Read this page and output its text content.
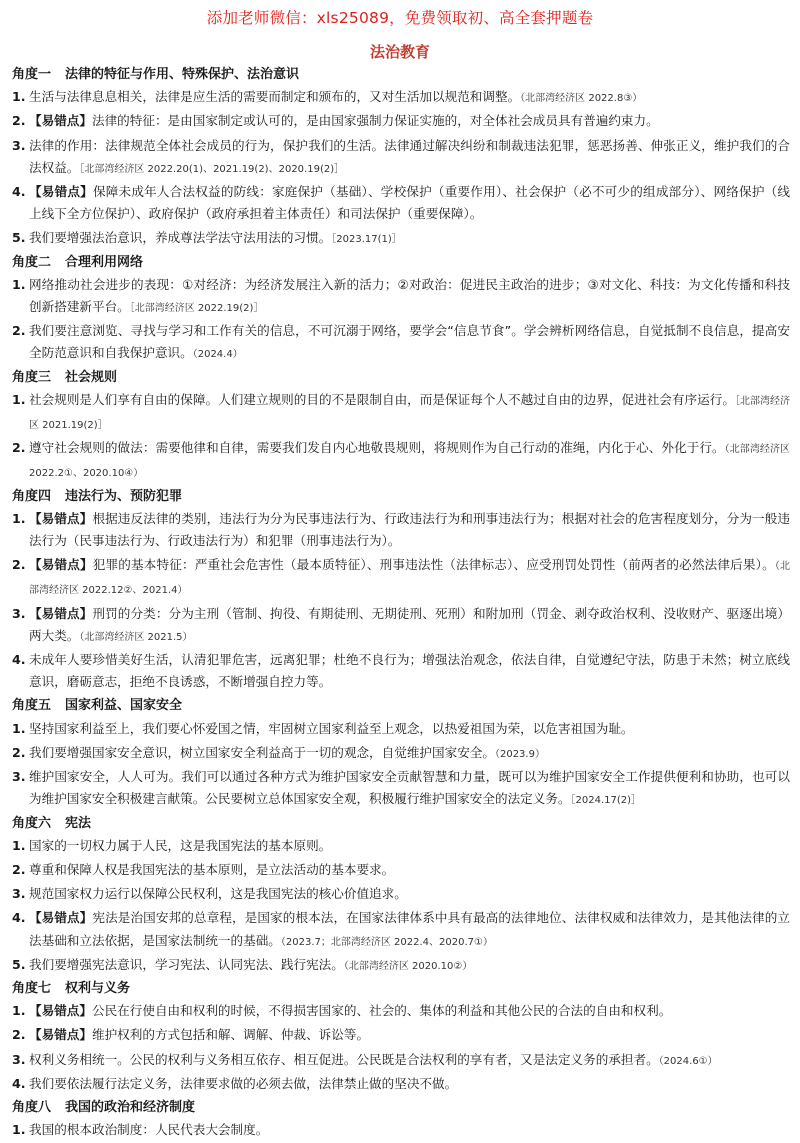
添加老师微信：xls25089，免费领取初、高全套押题卷
法治教育
角度一 法律的特征与作用、特殊保护、法治意识
1. 生活与法律息息相关，法律是应生活的需要而制定和颁布的，又对生活加以规范和调整。（北部湾经济区 2022.8③）
2. 【易错点】法律的特征：是由国家制定或认可的，是由国家强制力保证实施的，对全体社会成员具有普遍约束力。
3. 法律的作用：法律规范全体社会成员的行为，保护我们的生活。法律通过解决纠纷和制裁违法犯罪，惩恶扬善、伸张正义，维护我们的合法权益。［北部湾经济区 2022.20(1)、2021.19(2)、2020.19(2)］
4. 【易错点】保障未成年人合法权益的防线：家庭保护（基础）、学校保护（重要作用）、社会保护（必不可少的组成部分）、网络保护（线上线下全方位保护）、政府保护（政府承担着主体责任）和司法保护（重要保障）。
5. 我们要增强法治意识，养成尊法学法守法用法的习惯。［2023.17(1)］
角度二 合理利用网络
1. 网络推动社会进步的表现：①对经济：为经济发展注入新的活力；②对政治：促进民主政治的进步；③对文化、科技：为文化传播和科技创新搭建新平台。［北部湾经济区 2022.19(2)］
2. 我们要注意浏览、寻找与学习和工作有关的信息，不可沉溺于网络，要学会“信息节食”。学会辨析网络信息，自觉抵制不良信息，提高安全防范意识和自我保护意识。（2024.4）
角度三 社会规则
1. 社会规则是人们享有自由的保障。人们建立规则的目的不是限制自由，而是保证每个人不越过自由的边界，促进社会有序运行。［北部湾经济区 2021.19(2)］
2. 遵守社会规则的做法：需要他律和自律，需要我们发自内心地敬畏规则，将规则作为自己行动的准绳，内化于心、外化于行。（北部湾经济区 2022.2①、2020.10④）
角度四 违法行为、预防犯罪
1. 【易错点】根据违反法律的类别，违法行为分为民事违法行为、行政违法行为和刑事违法行为；根据对社会的危害程度划分，分为一般违法行为（民事违法行为、行政违法行为）和犯罪（刑事违法行为）。
2. 【易错点】犯罪的基本特征：严重社会危害性（最本质特征）、刑事违法性（法律标志）、应受刑罚处罚性（前两者的必然法律后果）。（北部湾经济区 2022.12②、2021.4）
3. 【易错点】刑罚的分类：分为主刑（管制、拘役、有期徒刑、无期徒刑、死刑）和附加刑（罚金、剥夺政治权利、没收财产、驱逐出境）两大类。（北部湾经济区 2021.5）
4. 未成年人要珍惜美好生活，认清犯罪危害，远离犯罪；杜绝不良行为；增强法治观念，依法自律，自觉遵纪守法，防患于未然；树立底线意识，磨砺意志，拒绝不良诱惑，不断增强自控力等。
角度五 国家利益、国家安全
1. 坚持国家利益至上，我们要心怀爱国之情，牢固树立国家利益至上观念，以热爱祖国为荣，以危害祖国为耻。
2. 我们要增强国家安全意识，树立国家安全利益高于一切的观念，自觉维护国家安全。（2023.9）
3. 维护国家安全，人人可为。我们可以通过各种方式为维护国家安全贡献智慧和力量，既可以为维护国家安全工作提供便利和协助，也可以为维护国家安全积极建言献策。公民要树立总体国家安全观，积极履行维护国家安全的法定义务。［2024.17(2)］
角度六 宪法
1. 国家的一切权力属于人民，这是我国宪法的基本原则。
2. 尊重和保障人权是我国宪法的基本原则，是立法活动的基本要求。
3. 规范国家权力运行以保障公民权利，这是我国宪法的核心价值追求。
4. 【易错点】宪法是治国安邦的总章程，是国家的根本法，在国家法律体系中具有最高的法律地位、法律权威和法律效力，是其他法律的立法基础和立法依据，是国家法制统一的基础。（2023.7；北部湾经济区 2022.4、2020.7①）
5. 我们要增强宪法意识，学习宪法、认同宪法、践行宪法。（北部湾经济区 2020.10②）
角度七 权利与义务
1. 【易错点】公民在行使自由和权利的时候，不得损害国家的、社会的、集体的利益和其他公民的合法的自由和权利。
2. 【易错点】维护权利的方式包括和解、调解、仲裁、诉讼等。
3. 权利义务相统一。公民的权利与义务相互依存、相互促进。公民既是合法权利的享有者，又是法定义务的承担者。（2024.6①）
4. 我们要依法履行法定义务，法律要求做的必须去做，法律禁止做的坚决不做。
角度八 我国的政治和经济制度
1. 我国的根本政治制度：人民代表大会制度。
